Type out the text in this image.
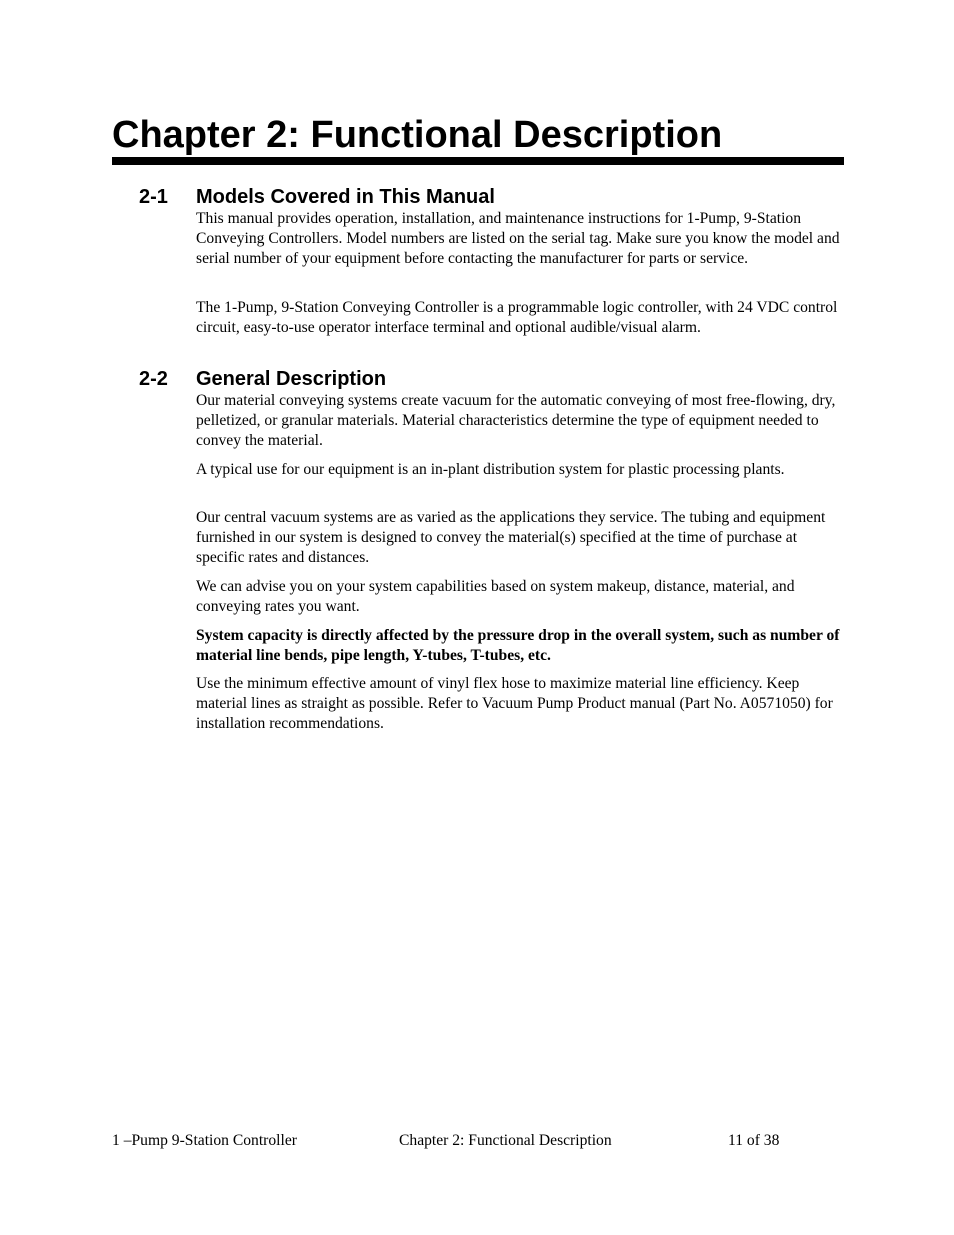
Chapter 2: Functional Description
2-1 Models Covered in This Manual

This manual provides operation, installation, and maintenance instructions for 1-Pump, 9-Station Conveying Controllers. Model numbers are listed on the serial tag. Make sure you know the model and serial number of your equipment before contacting the manufacturer for parts or service.

The 1-Pump, 9-Station Conveying Controller is a programmable logic controller, with 24 VDC control circuit, easy-to-use operator interface terminal and optional audible/visual alarm.

2-2 General Description

Our material conveying systems create vacuum for the automatic conveying of most free-flowing, dry, pelletized, or granular materials. Material characteristics determine the type of equipment needed to convey the material.

A typical use for our equipment is an in-plant distribution system for plastic processing plants.

Our central vacuum systems are as varied as the applications they service. The tubing and equipment furnished in our system is designed to convey the material(s) specified at the time of purchase at specific rates and distances.

We can advise you on your system capabilities based on system makeup, distance, material, and conveying rates you want.

System capacity is directly affected by the pressure drop in the overall system, such as number of material line bends, pipe length, Y-tubes, T-tubes, etc.

Use the minimum effective amount of vinyl flex hose to maximize material line efficiency. Keep material lines as straight as possible. Refer to Vacuum Pump Product manual (Part No. A0571050) for installation recommendations.

1 –Pump 9-Station Controller	Chapter 2: Functional Description	11 of 38
